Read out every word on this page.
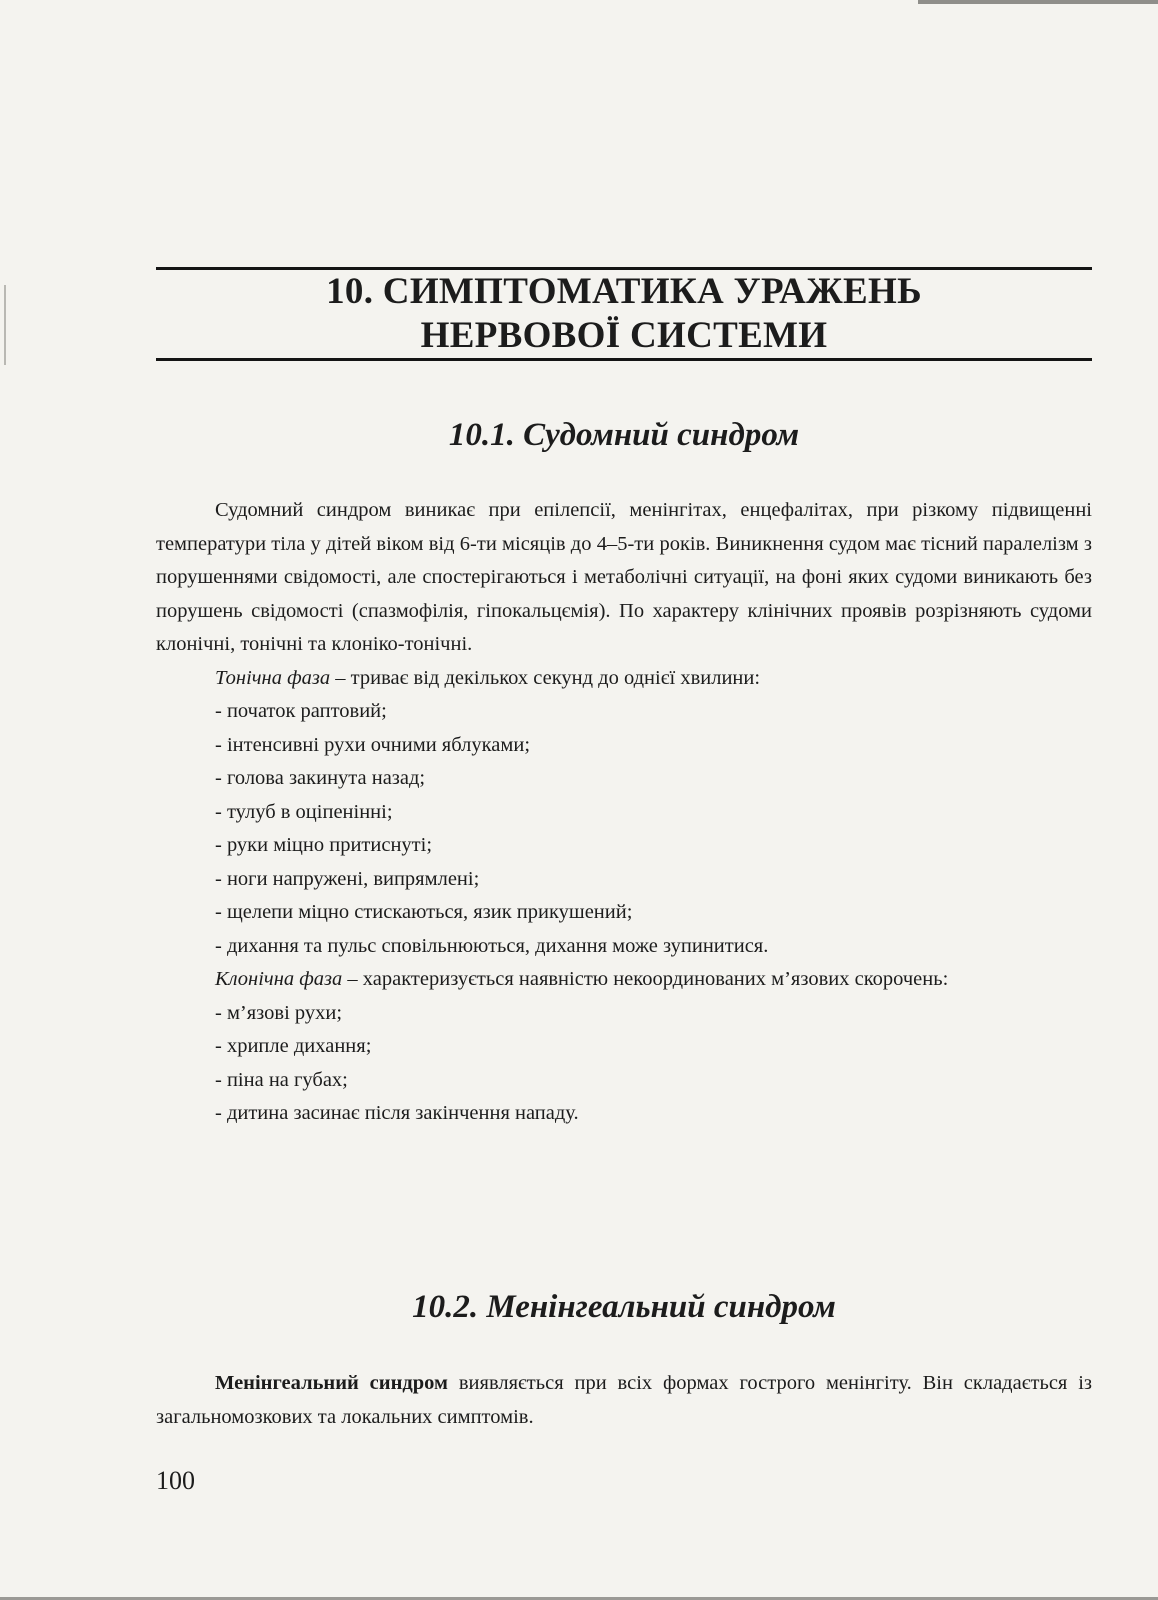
10. СИМПТОМАТИКА УРАЖЕНЬ
НЕРВОВОЇ СИСТЕМИ
10.1. Судомний синдром

Судомний синдром виникає при епілепсії, менінгітах, енцефалітах, при різкому підвищенні температури тіла у дітей віком від 6-ти місяців до 4–5-ти років. Виникнення судом має тісний паралелізм з порушеннями свідомості, але спостерігаються і метаболічні ситуації, на фоні яких судоми виникають без порушень свідомості (спазмофілія, гіпокальцємія). По характеру клінічних проявів розрізняють судоми клонічні, тонічні та клоніко-тонічні.

Тонічна фаза – триває від декількох секунд до однієї хвилини:

- початок раптовий;

- інтенсивні рухи очними яблуками;

- голова закинута назад;

- тулуб в оціпенінні;

- руки міцно притиснуті;

- ноги напружені, випрямлені;

- щелепи міцно стискаються, язик прикушений;

- дихання та пульс сповільнюються, дихання може зупинитися.

Клонічна фаза – характеризується наявністю некоординованих м’язових скорочень:

- м’язові рухи;

- хрипле дихання;

- піна на губах;

- дитина засинає після закінчення нападу.

10.2. Менінгеальний синдром

Менінгеальний синдром виявляється при всіх формах гострого менінгіту. Він складається із загальномозкових та локальних симптомів.

100
